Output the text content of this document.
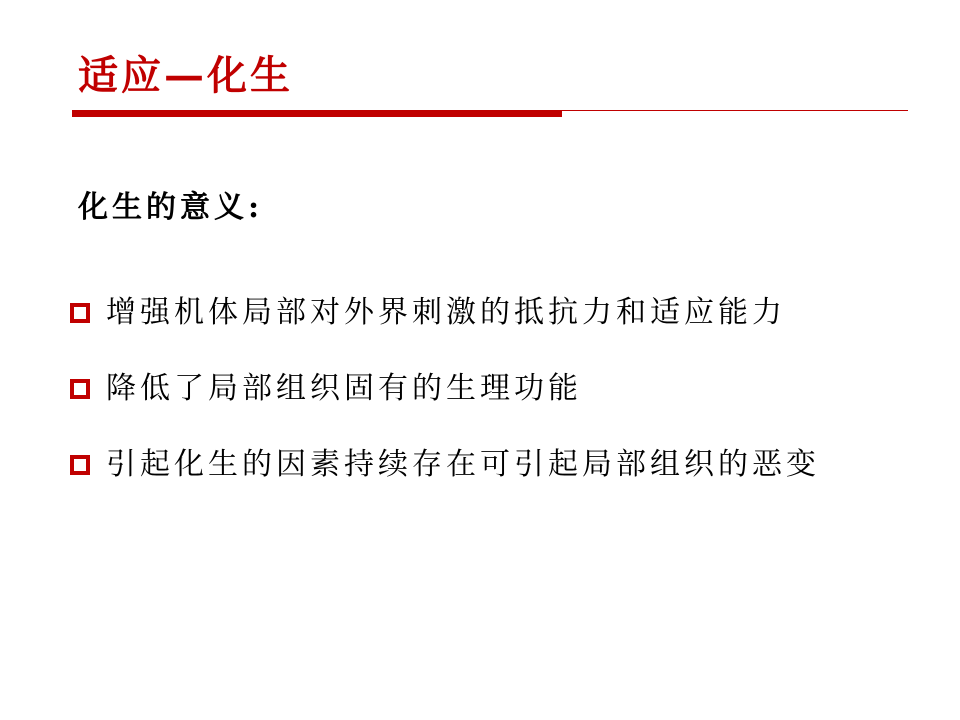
适应—化生
化生的意义:
增强机体局部对外界刺激的抵抗力和适应能力
降低了局部组织固有的生理功能
引起化生的因素持续存在可引起局部组织的恶变
